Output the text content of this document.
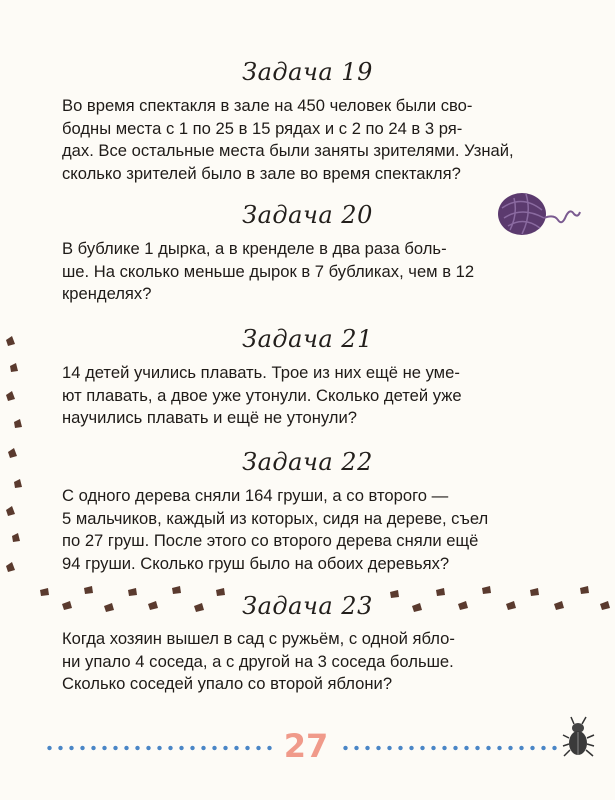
Задача 19
Во время спектакля в зале на 450 человек были сво-
бодны места с 1 по 25 в 15 рядах и с 2 по 24 в 3 ря-
дах. Все остальные места были заняты зрителями. Узнай,
сколько зрителей было в зале во время спектакля?
Задача 20
В бублике 1 дырка, а в кренделе в два раза боль-
ше. На сколько меньше дырок в 7 бубликах, чем в 12
кренделях?
Задача 21
14 детей учились плавать. Трое из них ещё не уме-
ют плавать, а двое уже утонули. Сколько детей уже
научились плавать и ещё не утонули?
Задача 22
С одного дерева сняли 164 груши, а со второго —
5 мальчиков, каждый из которых, сидя на дереве, съел
по 27 груш. После этого со второго дерева сняли ещё
94 груши. Сколько груш было на обоих деревьях?
Задача 23
Когда хозяин вышел в сад с ружьём, с одной ябло-
ни упало 4 соседа, а с другой на 3 соседа больше.
Сколько соседей упало со второй яблони?
27
